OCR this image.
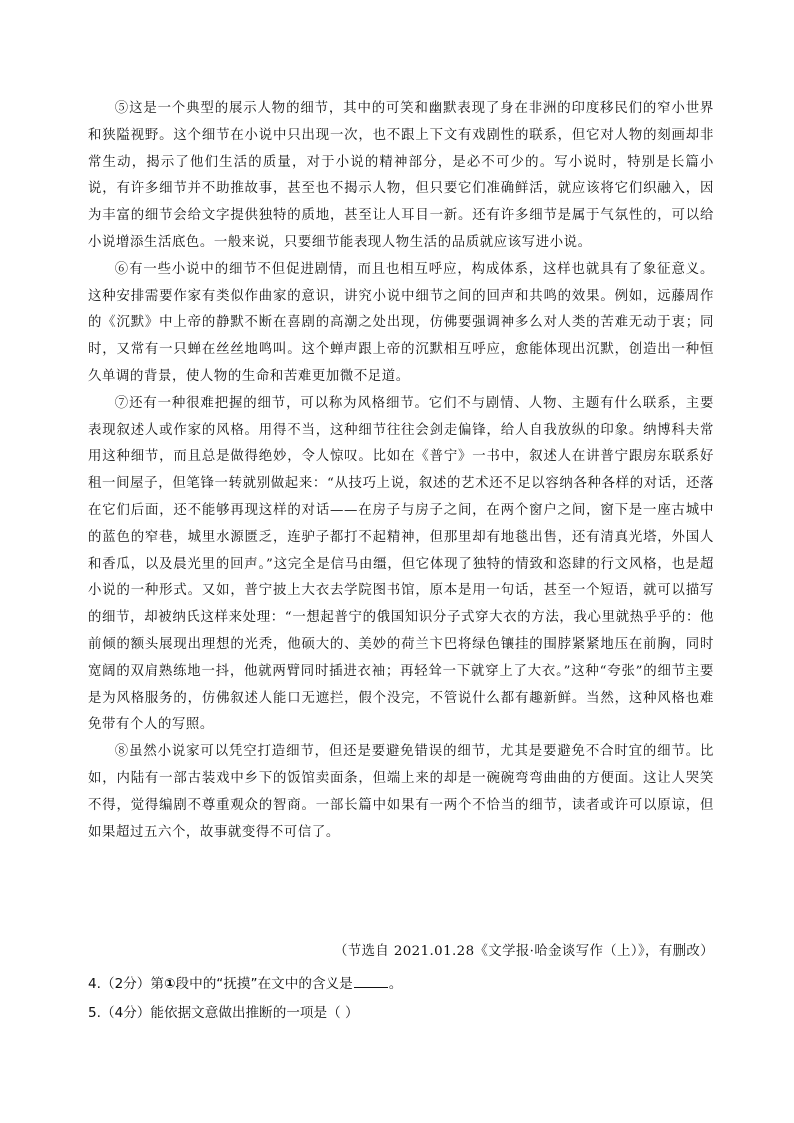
⑤这是一个典型的展示人物的细节，其中的可笑和幽默表现了身在非洲的印度移民们的窄小世界和狭隘视野。这个细节在小说中只出现一次，也不跟上下文有戏剧性的联系，但它对人物的刻画却非常生动，揭示了他们生活的质量，对于小说的精神部分，是必不可少的。写小说时，特别是长篇小说，有许多细节并不助推故事，甚至也不揭示人物，但只要它们准确鲜活，就应该将它们织融入，因为丰富的细节会给文字提供独特的质地，甚至让人耳目一新。还有许多细节是属于气氛性的，可以给小说增添生活底色。一般来说，只要细节能表现人物生活的品质就应该写进小说。

⑥有一些小说中的细节不但促进剧情，而且也相互呼应，构成体系，这样也就具有了象征意义。这种安排需要作家有类似作曲家的意识，讲究小说中细节之间的回声和共鸣的效果。例如，远藤周作的《沉默》中上帝的静默不断在喜剧的高潮之处出现，仿佛要强调神多么对人类的苦难无动于衷；同时，又常有一只蝉在丝丝地鸣叫。这个蝉声跟上帝的沉默相互呼应，愈能体现出沉默，创造出一种恒久单调的背景，使人物的生命和苦难更加微不足道。

⑦还有一种很难把握的细节，可以称为风格细节。它们不与剧情、人物、主题有什么联系，主要表现叙述人或作家的风格。用得不当，这种细节往往会剑走偏锋，给人自我放纵的印象。纳博科夫常用这种细节，而且总是做得绝妙，令人惊叹。比如在《普宁》一书中，叙述人在讲普宁跟房东联系好租一间屋子，但笔锋一转就别做起来：“从技巧上说，叙述的艺术还不足以容纳各种各样的对话，还落在它们后面，还不能够再现这样的对话——在房子与房子之间，在两个窗户之间，窗下是一座古城中的蓝色的窄巷，城里水源匮乏，连驴子都打不起精神，但那里却有地毯出售，还有清真光塔，外国人和香瓜，以及晨光里的回声。”这完全是信马由缰，但它体现了独特的情致和恣肆的行文风格，也是超小说的一种形式。又如，普宁披上大衣去学院图书馆，原本是用一句话，甚至一个短语，就可以描写的细节，却被纳氏这样来处理：“一想起普宁的俄国知识分子式穿大衣的方法，我心里就热乎乎的：他前倾的额头展现出理想的光秃，他硕大的、美妙的荷兰卞巴将绿色镶挂的围脖紧紧地压在前胸，同时宽阔的双肩熟练地一抖，他就两臂同时插进衣袖；再轻耸一下就穿上了大衣。”这种“夸张”的细节主要是为风格服务的，仿佛叙述人能口无遮拦，假个没完，不管说什么都有趣新鲜。当然，这种风格也难免带有个人的写照。

⑧虽然小说家可以凭空打造细节，但还是要避免错误的细节，尤其是要避免不合时宜的细节。比如，内陆有一部古装戏中乡下的饭馆卖面条，但端上来的却是一碗碗弯弯曲曲的方便面。这让人哭笑不得，觉得编剧不尊重观众的智商。一部长篇中如果有一两个不恰当的细节，读者或许可以原谅，但如果超过五六个，故事就变得不可信了。

（节选自 2021.01.28《文学报·哈金谈写作（上）》，有删改）
4.（2分）第①段中的“抚摸”在文中的含义是	。
5.（4分）能依据文意做出推断的一项是（ ）
